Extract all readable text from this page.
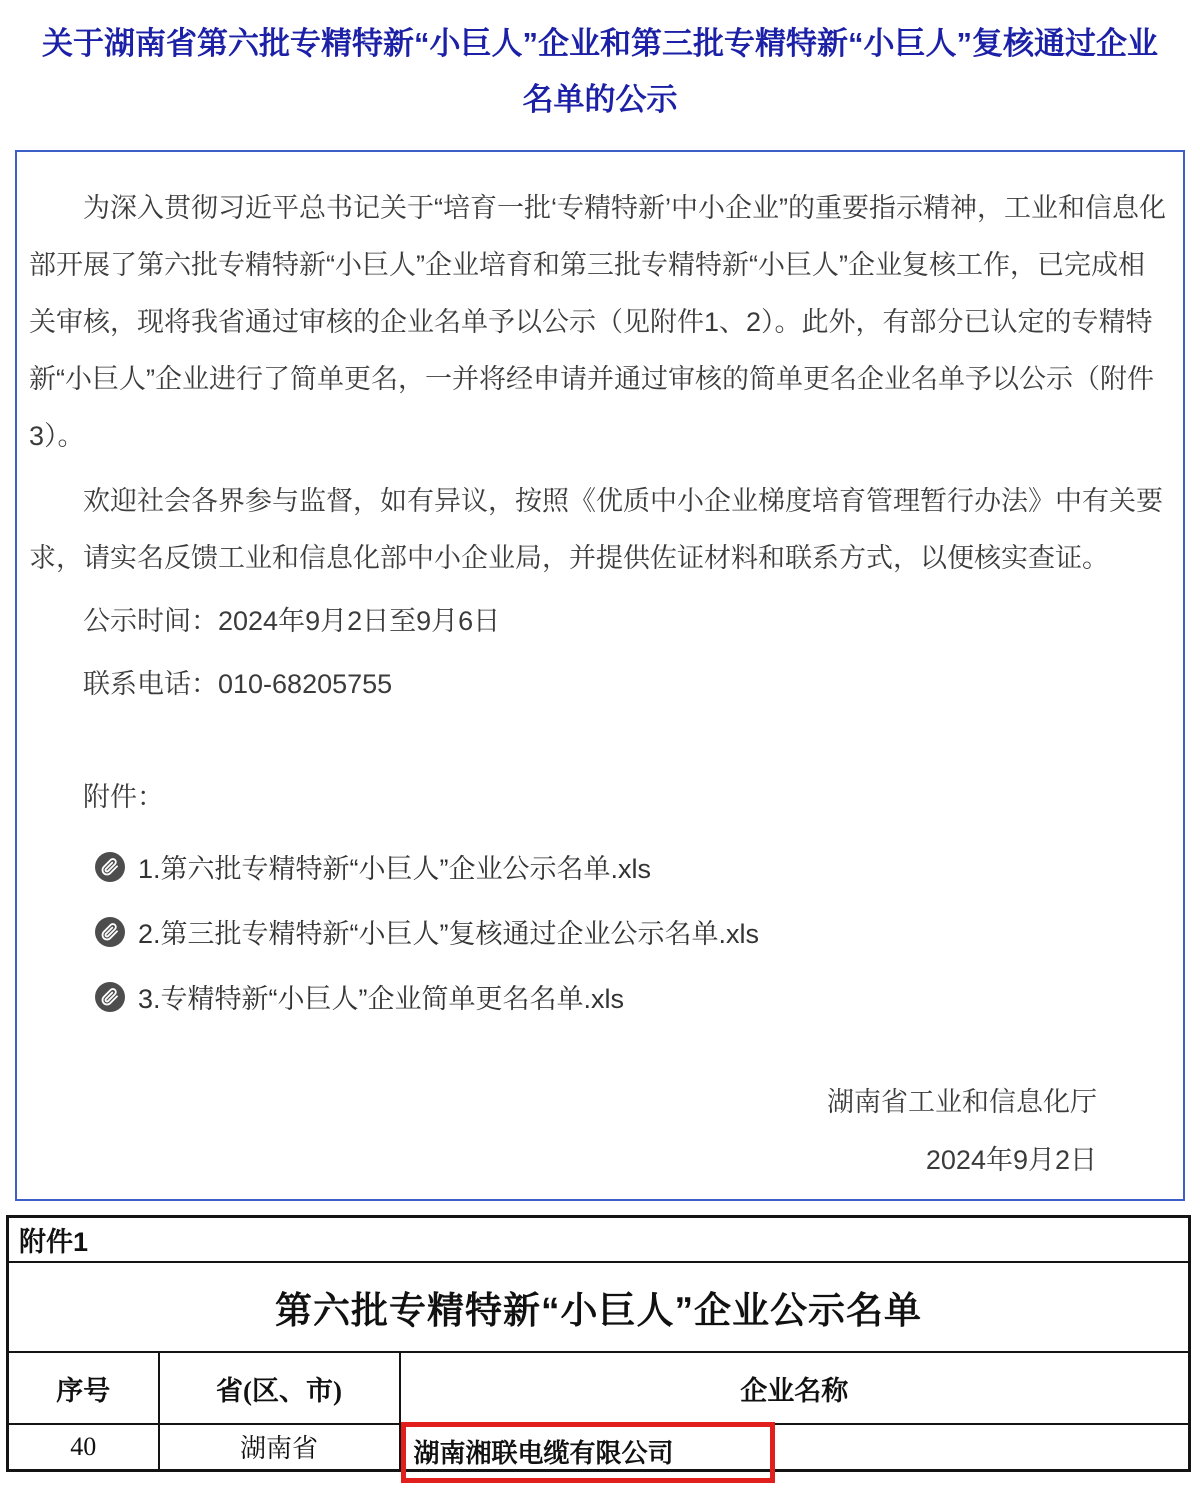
关于湖南省第六批专精特新“小巨人”企业和第三批专精特新“小巨人”复核通过企业名单的公示

为深入贯彻习近平总书记关于“培育一批‘专精特新’中小企业”的重要指示精神，工业和信息化部开展了第六批专精特新“小巨人”企业培育和第三批专精特新“小巨人”企业复核工作，已完成相关审核，现将我省通过审核的企业名单予以公示（见附件1、2）。此外，有部分已认定的专精特新“小巨人”企业进行了简单更名，一并将经申请并通过审核的简单更名企业名单予以公示（附件3）。

欢迎社会各界参与监督，如有异议，按照《优质中小企业梯度培育管理暂行办法》中有关要求，请实名反馈工业和信息化部中小企业局，并提供佐证材料和联系方式，以便核实查证。

公示时间：2024年9月2日至9月6日

联系电话：010-68205755

附件：

1.第六批专精特新“小巨人”企业公示名单.xls
2.第三批专精特新“小巨人”复核通过企业公示名单.xls
3.专精特新“小巨人”企业简单更名名单.xls

湖南省工业和信息化厅

2024年9月2日

附件1		
第六批专精特新“小巨人”企业公示名单		
序号	省(区、市)	企业名称
40	湖南省	湖南湘联电缆有限公司
